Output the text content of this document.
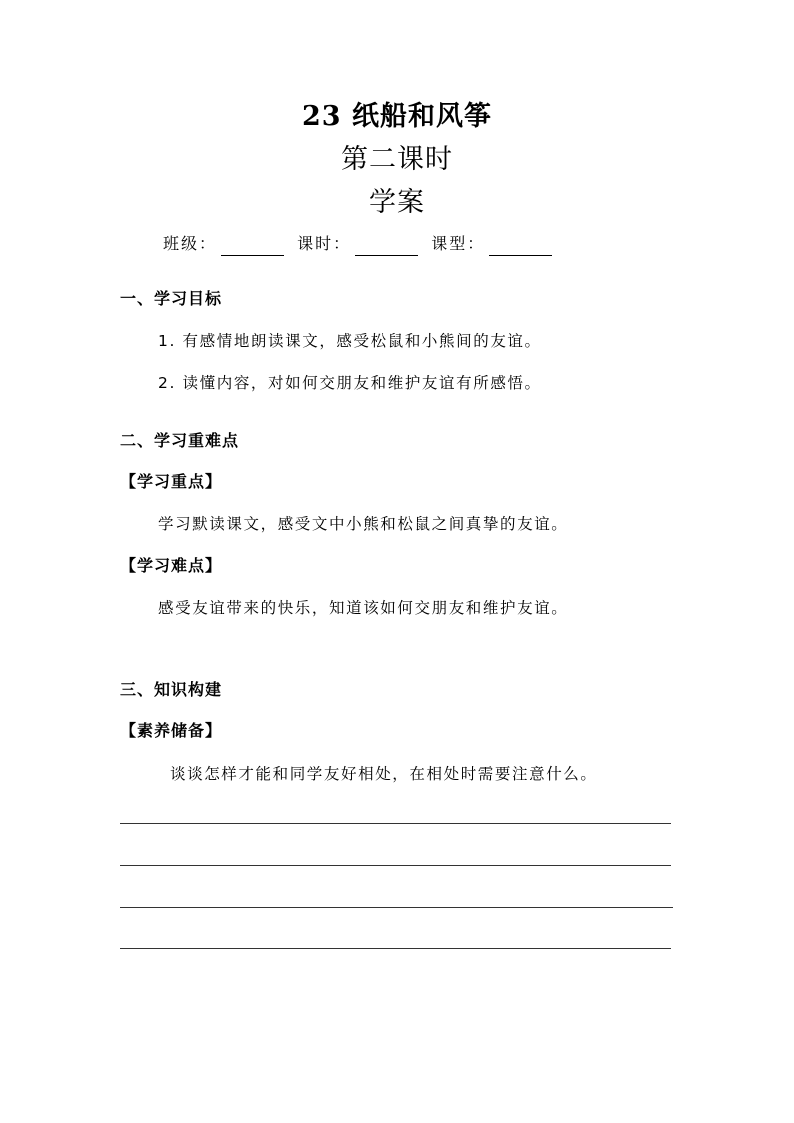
23 纸船和风筝
第二课时
学案
班级：	课时：	课型：
一、学习目标
1. 有感情地朗读课文，感受松鼠和小熊间的友谊。
2. 读懂内容，对如何交朋友和维护友谊有所感悟。
二、学习重难点
【学习重点】
学习默读课文，感受文中小熊和松鼠之间真挚的友谊。
【学习难点】
感受友谊带来的快乐，知道该如何交朋友和维护友谊。
三、知识构建
【素养储备】
谈谈怎样才能和同学友好相处，在相处时需要注意什么。
